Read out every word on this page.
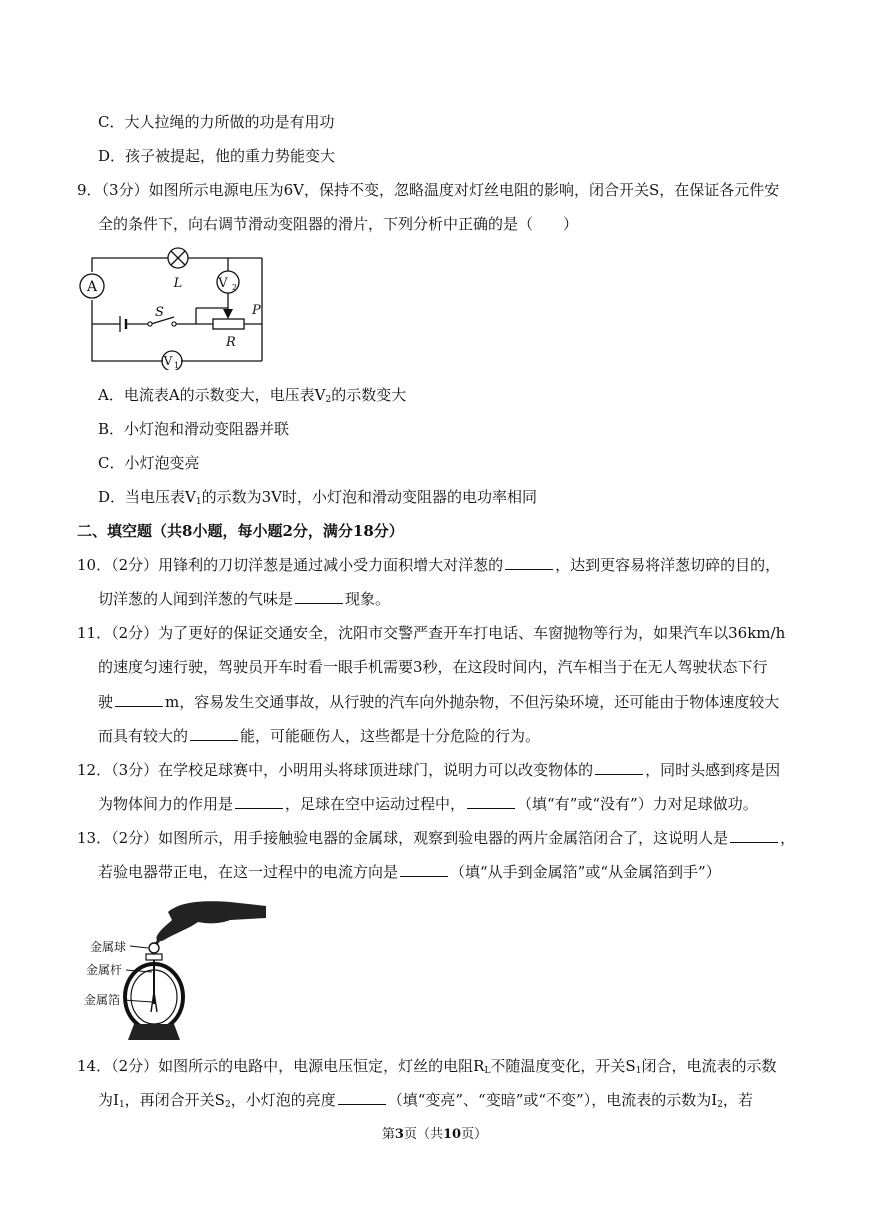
C．大人拉绳的力所做的功是有用功
D．孩子被提起，他的重力势能变大
9．（3分）如图所示电源电压为6V，保持不变，忽略温度对灯丝电阻的影响，闭合开关S，在保证各元件安
全的条件下，向右调节滑动变阻器的滑片，下列分析中正确的是（　　）
A	L	V 2
S	P
R
V 1
A．电流表A的示数变大，电压表$V_2$的示数变大
B．小灯泡和滑动变阻器并联
C．小灯泡变亮
D．当电压表$V_1$的示数为3V时，小灯泡和滑动变阻器的电功率相同
二、填空题（共8小题，每小题2分，满分18分）
10．（2分）用锋利的刀切洋葱是通过减小受力面积增大对洋葱的	，达到更容易将洋葱切碎的目的，
切洋葱的人闻到洋葱的气味是	现象。
11．（2分）为了更好的保证交通安全，沈阳市交警严查开车打电话、车窗抛物等行为，如果汽车以36km/h
的速度匀速行驶，驾驶员开车时看一眼手机需要3秒，在这段时间内，汽车相当于在无人驾驶状态下行
驶	m，容易发生交通事故，从行驶的汽车向外抛杂物，不但污染环境，还可能由于物体速度较大
而具有较大的	能，可能砸伤人，这些都是十分危险的行为。
12．（3分）在学校足球赛中，小明用头将球顶进球门，说明力可以改变物体的	，同时头感到疼是因
为物体间力的作用是	，足球在空中运动过程中，	（填“有”或“没有”）力对足球做功。
13．（2分）如图所示，用手接触验电器的金属球，观察到验电器的两片金属箔闭合了，这说明人是	，
若验电器带正电，在这一过程中的电流方向是	（填“从手到金属箔”或“从金属箔到手”）
金属球
金属杆
金属箔
14．（2分）如图所示的电路中，电源电压恒定，灯丝的电阻$R_L$不随温度变化，开关$S_1$闭合，电流表的示数
为$I_1$，再闭合开关$S_2$，小灯泡的亮度	（填“变亮”、“变暗”或“不变”），电流表的示数为$I_2$，若
第3页（共10页）
